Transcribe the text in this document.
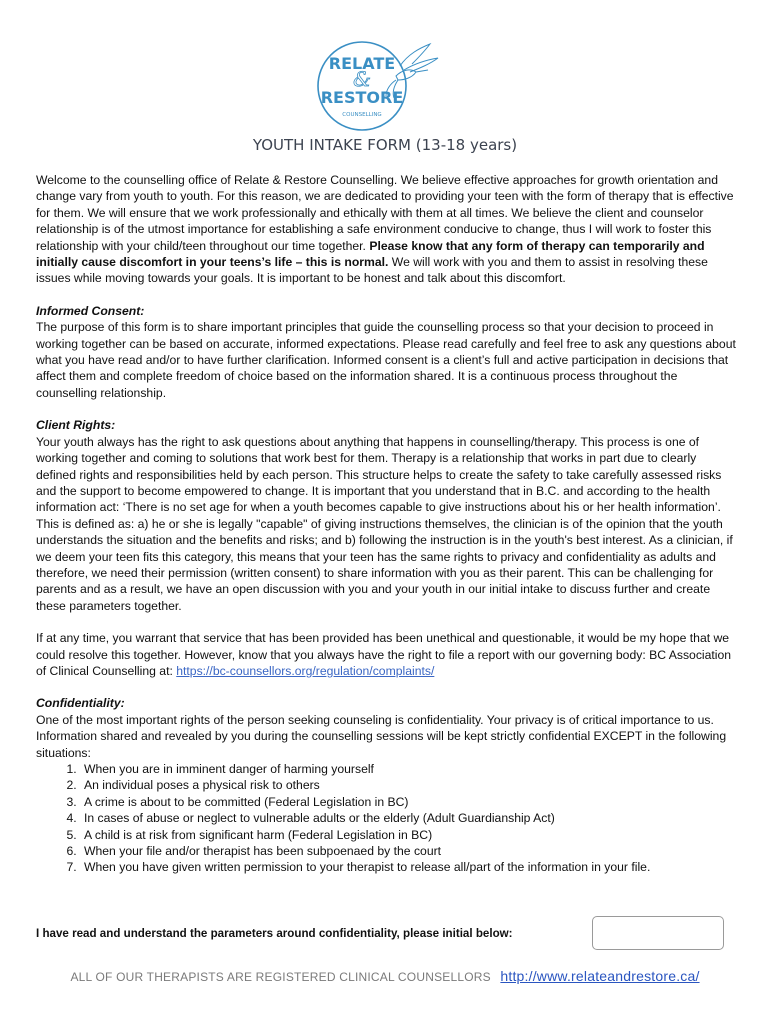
RELATE
&
RESTORE
COUNSELLING
YOUTH INTAKE FORM (13-18 years)

Welcome to the counselling office of Relate & Restore Counselling. We believe effective approaches for growth orientation and change vary from youth to youth. For this reason, we are dedicated to providing your teen with the form of therapy that is effective for them. We will ensure that we work professionally and ethically with them at all times. We believe the client and counselor relationship is of the utmost importance for establishing a safe environment conducive to change, thus I will work to foster this relationship with your child/teen throughout our time together. Please know that any form of therapy can temporarily and initially cause discomfort in your teens’s life – this is normal. We will work with you and them to assist in resolving these issues while moving towards your goals. It is important to be honest and talk about this discomfort.

Informed Consent:

The purpose of this form is to share important principles that guide the counselling process so that your decision to proceed in working together can be based on accurate, informed expectations. Please read carefully and feel free to ask any questions about what you have read and/or to have further clarification. Informed consent is a client’s full and active participation in decisions that affect them and complete freedom of choice based on the information shared. It is a continuous process throughout the counselling relationship.

Client Rights:

Your youth always has the right to ask questions about anything that happens in counselling/therapy. This process is one of working together and coming to solutions that work best for them. Therapy is a relationship that works in part due to clearly defined rights and responsibilities held by each person. This structure helps to create the safety to take carefully assessed risks and the support to become empowered to change. It is important that you understand that in B.C. and according to the health information act: ‘There is no set age for when a youth becomes capable to give instructions about his or her health information’. This is defined as: a) he or she is legally "capable" of giving instructions themselves, the clinician is of the opinion that the youth understands the situation and the benefits and risks; and b) following the instruction is in the youth's best interest. As a clinician, if we deem your teen fits this category, this means that your teen has the same rights to privacy and confidentiality as adults and therefore, we need their permission (written consent) to share information with you as their parent. This can be challenging for parents and as a result, we have an open discussion with you and your youth in our initial intake to discuss further and create these parameters together.

If at any time, you warrant that service that has been provided has been unethical and questionable, it would be my hope that we could resolve this together. However, know that you always have the right to file a report with our governing body: BC Association of Clinical Counselling at: https://bc-counsellors.org/regulation/complaints/

Confidentiality:

One of the most important rights of the person seeking counseling is confidentiality. Your privacy is of critical importance to us. Information shared and revealed by you during the counselling sessions will be kept strictly confidential EXCEPT in the following situations:

1. When you are in imminent danger of harming yourself
2. An individual poses a physical risk to others
3. A crime is about to be committed (Federal Legislation in BC)
4. In cases of abuse or neglect to vulnerable adults or the elderly (Adult Guardianship Act)
5. A child is at risk from significant harm (Federal Legislation in BC)
6. When your file and/or therapist has been subpoenaed by the court
7. When you have given written permission to your therapist to release all/part of the information in your file.
I have read and understand the parameters around confidentiality, please initial below:
ALL OF OUR THERAPISTS ARE REGISTERED CLINICAL COUNSELLORS http://www.relateandrestore.ca/
